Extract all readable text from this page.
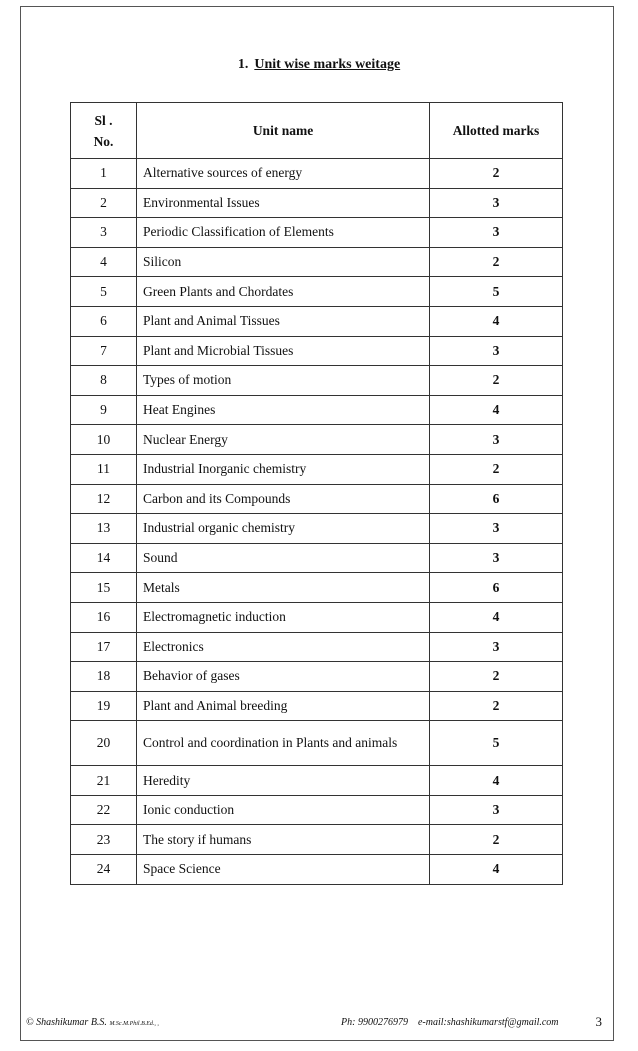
1. Unit wise marks weitage
Sl .
No.	Unit name	Allotted marks
1	Alternative sources of energy	2
2	Environmental Issues	3
3	Periodic Classification of Elements	3
4	Silicon	2
5	Green Plants and Chordates	5
6	Plant and Animal Tissues	4
7	Plant and Microbial Tissues	3
8	Types of motion	2
9	Heat Engines	4
10	Nuclear Energy	3
11	Industrial Inorganic chemistry	2
12	Carbon and its Compounds	6
13	Industrial organic chemistry	3
14	Sound	3
15	Metals	6
16	Electromagnetic induction	4
17	Electronics	3
18	Behavior of gases	2
19	Plant and Animal breeding	2
20	Control and coordination in Plants and animals	5
21	Heredity	4
22	Ionic conduction	3
23	The story if humans	2
24	Space Science	4
© Shashikumar B.S. M.Sc.M.Phil.B.Ed., ,	Ph: 9900276979 e-mail:shashikumarstf@gmail.com	3
